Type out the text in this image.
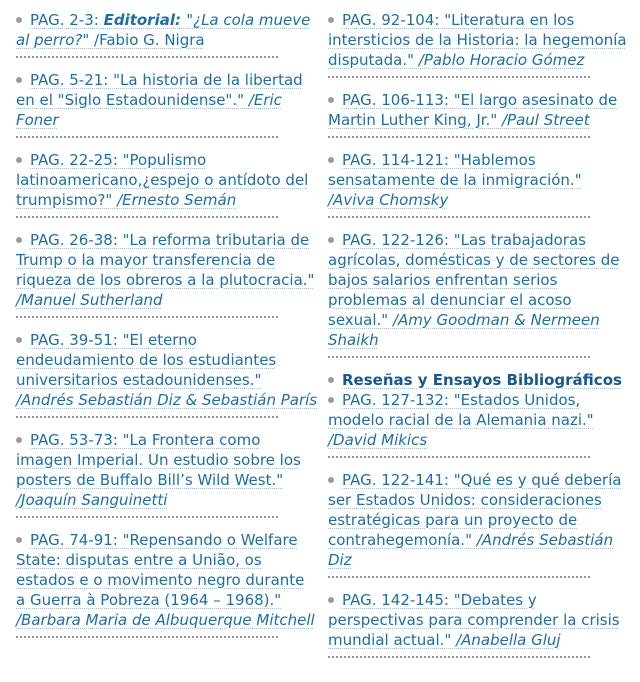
PAG. 2-3: Editorial: "¿La cola mueve al perro?" /Fabio G. Nigra

PAG. 5-21: "La historia de la libertad en el "Siglo Estadounidense"." /Eric Foner

PAG. 22-25: "Populismo latinoamericano,¿espejo o antídoto del trumpismo?" /Ernesto Semán

PAG. 26-38: "La reforma tributaria de Trump o la mayor transferencia de riqueza de los obreros a la plutocracia." /Manuel Sutherland

PAG. 39-51: "El eterno endeudamiento de los estudiantes universitarios estadounidenses." /Andrés Sebastián Diz & Sebastián París

PAG. 53-73: "La Frontera como imagen Imperial. Un estudio sobre los posters de Buffalo Bill’s Wild West." /Joaquín Sanguinetti

PAG. 74-91: "Repensando o Welfare State: disputas entre a União, os estados e o movimento negro durante a Guerra à Pobreza (1964 – 1968)." /Barbara Maria de Albuquerque Mitchell

PAG. 92-104: "Literatura en los intersticios de la Historia: la hegemonía disputada." /Pablo Horacio Gómez

PAG. 106-113: "El largo asesinato de Martin Luther King, Jr." /Paul Street

PAG. 114-121: "Hablemos sensatamente de la inmigración." /Aviva Chomsky

PAG. 122-126: "Las trabajadoras agrícolas, domésticas y de sectores de bajos salarios enfrentan serios problemas al denunciar el acoso sexual." /Amy Goodman & Nermeen Shaikh

Reseñas y Ensayos Bibliográficos

PAG. 127-132: "Estados Unidos, modelo racial de la Alemania nazi." /David Mikics

PAG. 122-141: "Qué es y qué debería ser Estados Unidos: consideraciones estratégicas para un proyecto de contrahegemonía." /Andrés Sebastián Diz

PAG. 142-145: "Debates y perspectivas para comprender la crisis mundial actual." /Anabella Gluj
